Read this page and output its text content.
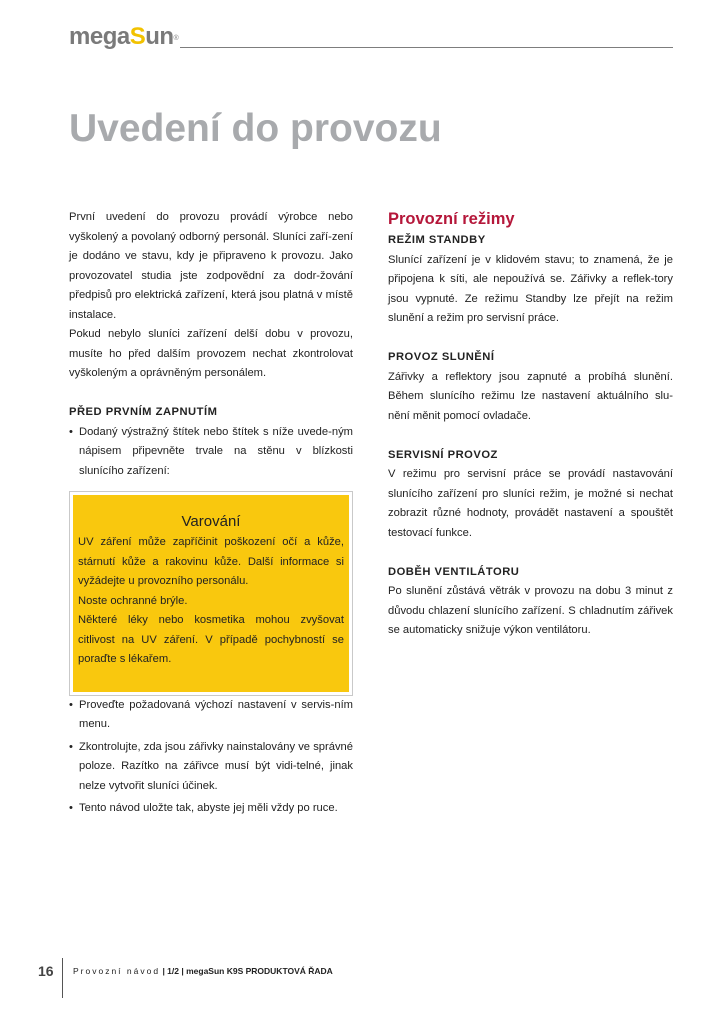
megaSun®
Uvedení do provozu

První uvedení do provozu provádí výrobce nebo vyškolený a povolaný odborný personál. Sluníci zaří-zení je dodáno ve stavu, kdy je připraveno k provozu. Jako provozovatel studia jste zodpovědní za dodr-žování předpisů pro elektrická zařízení, která jsou platná v místě instalace.

Pokud nebylo sluníci zařízení delší dobu v provozu, musíte ho před dalším provozem nechat zkontrolovat vyškoleným a oprávněným personálem.

PŘED PRVNÍM ZAPNUTÍM
• Dodaný výstražný štítek nebo štítek s níže uvede-ným nápisem připevněte trvale na stěnu v blízkosti slunícího zařízení:
Varování

UV záření může zapříčinit poškození očí a kůže, stárnutí kůže a rakovinu kůže. Další informace si vyžádejte u provozního personálu.

Noste ochranné brýle.

Některé léky nebo kosmetika mohou zvyšovat citlivost na UV záření. V případě pochybností se poraďte s lékařem.

• Proveďte požadovaná výchozí nastavení v servis-ním menu.
• Zkontrolujte, zda jsou zářivky nainstalovány ve správné poloze. Razítko na zářivce musí být vidi-telné, jinak nelze vytvořit sluníci účinek.
• Tento návod uložte tak, abyste jej měli vždy po ruce.
Provozní režimy
REŽIM STANDBY

Slunící zařízení je v klidovém stavu; to znamená, že je připojena k síti, ale nepoužívá se. Zářivky a reflek-tory jsou vypnuté. Ze režimu Standby lze přejít na režim slunění a režim pro servisní práce.

PROVOZ SLUNĚNÍ

Zářivky a reflektory jsou zapnuté a probíhá slunění. Během slunícího režimu lze nastavení aktuálního slu-nění měnit pomocí ovladače.

SERVISNÍ PROVOZ

V režimu pro servisní práce se provádí nastavování slunícího zařízení pro sluníci režim, je možné si nechat zobrazit různé hodnoty, provádět nastavení a spouštět testovací funkce.

DOBĚH VENTILÁTORU

Po slunění zůstává větrák v provozu na dobu 3 minut z důvodu chlazení slunícího zařízení. S chladnutím zářivek se automaticky snižuje výkon ventilátoru.

16 Provozní návod | 1/2 | megaSun K9S PRODUKTOVÁ ŘADA
